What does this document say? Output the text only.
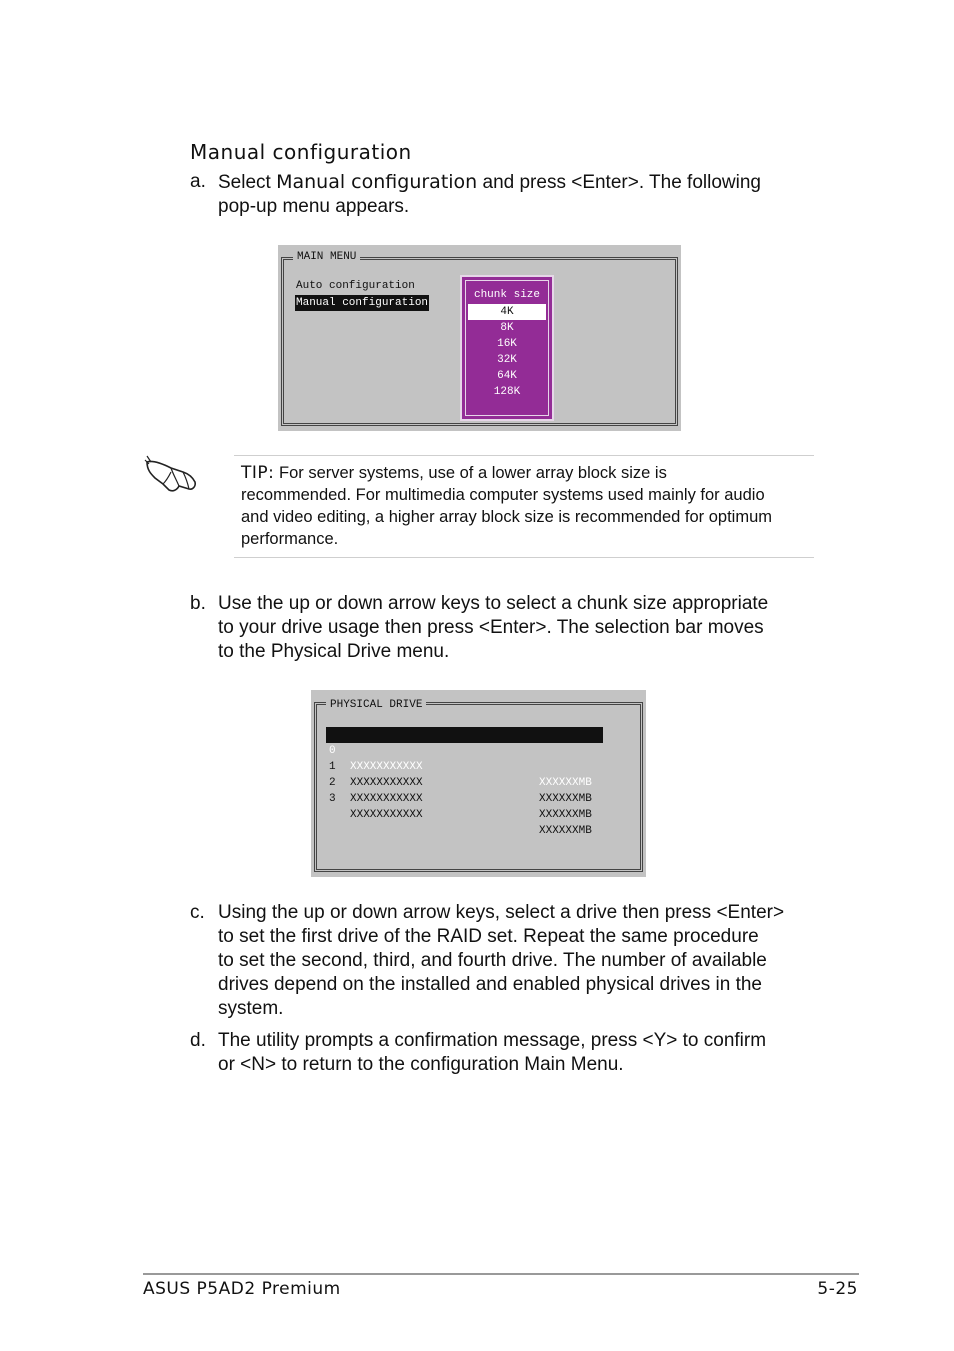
Manual configuration
a. Select Manual configuration and press <Enter>. The following
pop-up menu appears.
MAIN MENU
Auto configuration
Manual configuration
chunk size
4K
8K
16K
32K
64K
128K
TIP: For server systems, use of a lower array block size is
recommended. For multimedia computer systems used mainly for audio
and video editing, a higher array block size is recommended for optimum
performance.
b. Use the up or down arrow keys to select a chunk size appropriate
to your drive usage then press <Enter>. The selection bar moves
to the Physical Drive menu.
PHYSICAL DRIVE

0

XXXXXXXXXXX

XXXXXXMB

1

XXXXXXXXXXX

XXXXXXMB

2

XXXXXXXXXXX

XXXXXXMB

3

XXXXXXXXXXX

XXXXXXMB

c. Using the up or down arrow keys, select a drive then press <Enter>
to set the first drive of the RAID set. Repeat the same procedure
to set the second, third, and fourth drive. The number of available
drives depend on the installed and enabled physical drives in the
system.
d. The utility prompts a confirmation message, press <Y> to confirm
or <N> to return to the configuration Main Menu.
ASUS P5AD2 Premium	5-25
